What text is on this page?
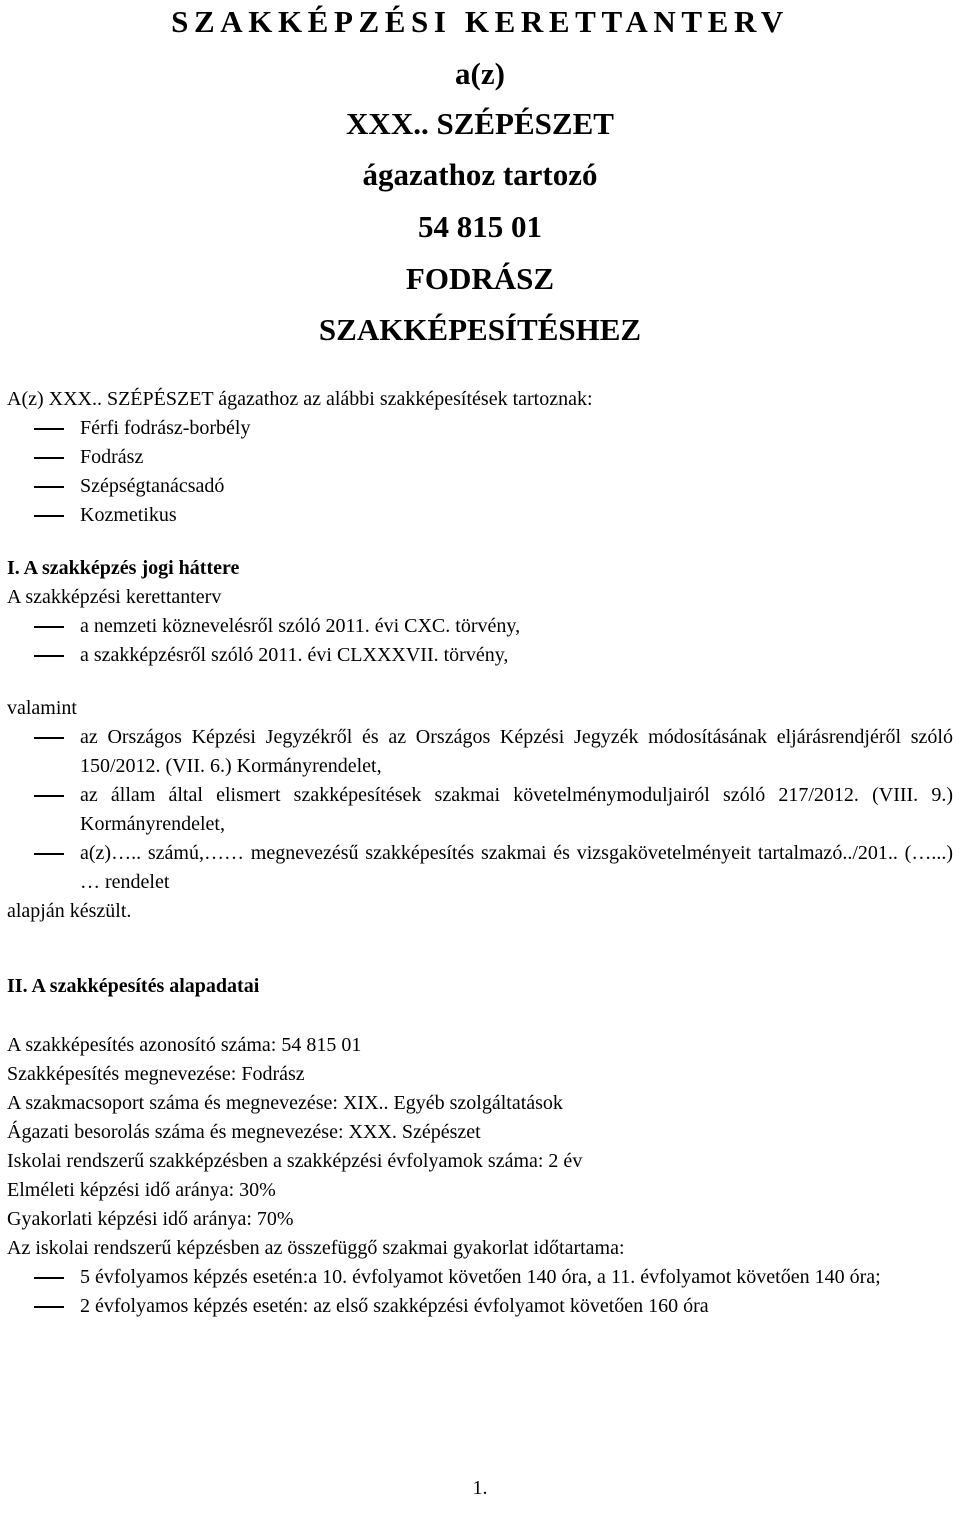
SZAKKÉPZÉSI KERETTANTERV
a(z)
XXX.. SZÉPÉSZET
ágazathoz tartozó
54 815 01
FODRÁSZ
SZAKKÉPESÍTÉSHEZ

A(z) XXX.. SZÉPÉSZET ágazathoz az alábbi szakképesítések tartoznak:

Férfi fodrász-borbély
Fodrász
Szépségtanácsadó
Kozmetikus

I. A szakképzés jogi háttere

A szakképzési kerettanterv

a nemzeti köznevelésről szóló 2011. évi CXC. törvény,
a szakképzésről szóló 2011. évi CLXXXVII. törvény,

valamint

az Országos Képzési Jegyzékről és az Országos Képzési Jegyzék módosításának eljárásrendjéről szóló 150/2012. (VII. 6.) Kormányrendelet,
az állam által elismert szakképesítések szakmai követelménymoduljairól szóló 217/2012. (VIII. 9.) Kormányrendelet,
a(z)….. számú,…… megnevezésű szakképesítés szakmai és vizsgakövetelményeit tartalmazó../201.. (…...) … rendelet

alapján készült.

II. A szakképesítés alapadatai

A szakképesítés azonosító száma: 54 815 01

Szakképesítés megnevezése: Fodrász

A szakmacsoport száma és megnevezése: XIX.. Egyéb szolgáltatások

Ágazati besorolás száma és megnevezése: XXX. Szépészet

Iskolai rendszerű szakképzésben a szakképzési évfolyamok száma: 2 év

Elméleti képzési idő aránya: 30%

Gyakorlati képzési idő aránya: 70%

Az iskolai rendszerű képzésben az összefüggő szakmai gyakorlat időtartama:

5 évfolyamos képzés esetén:a 10. évfolyamot követően 140 óra, a 11. évfolyamot követően 140 óra;
2 évfolyamos képzés esetén: az első szakképzési évfolyamot követően 160 óra
1.
